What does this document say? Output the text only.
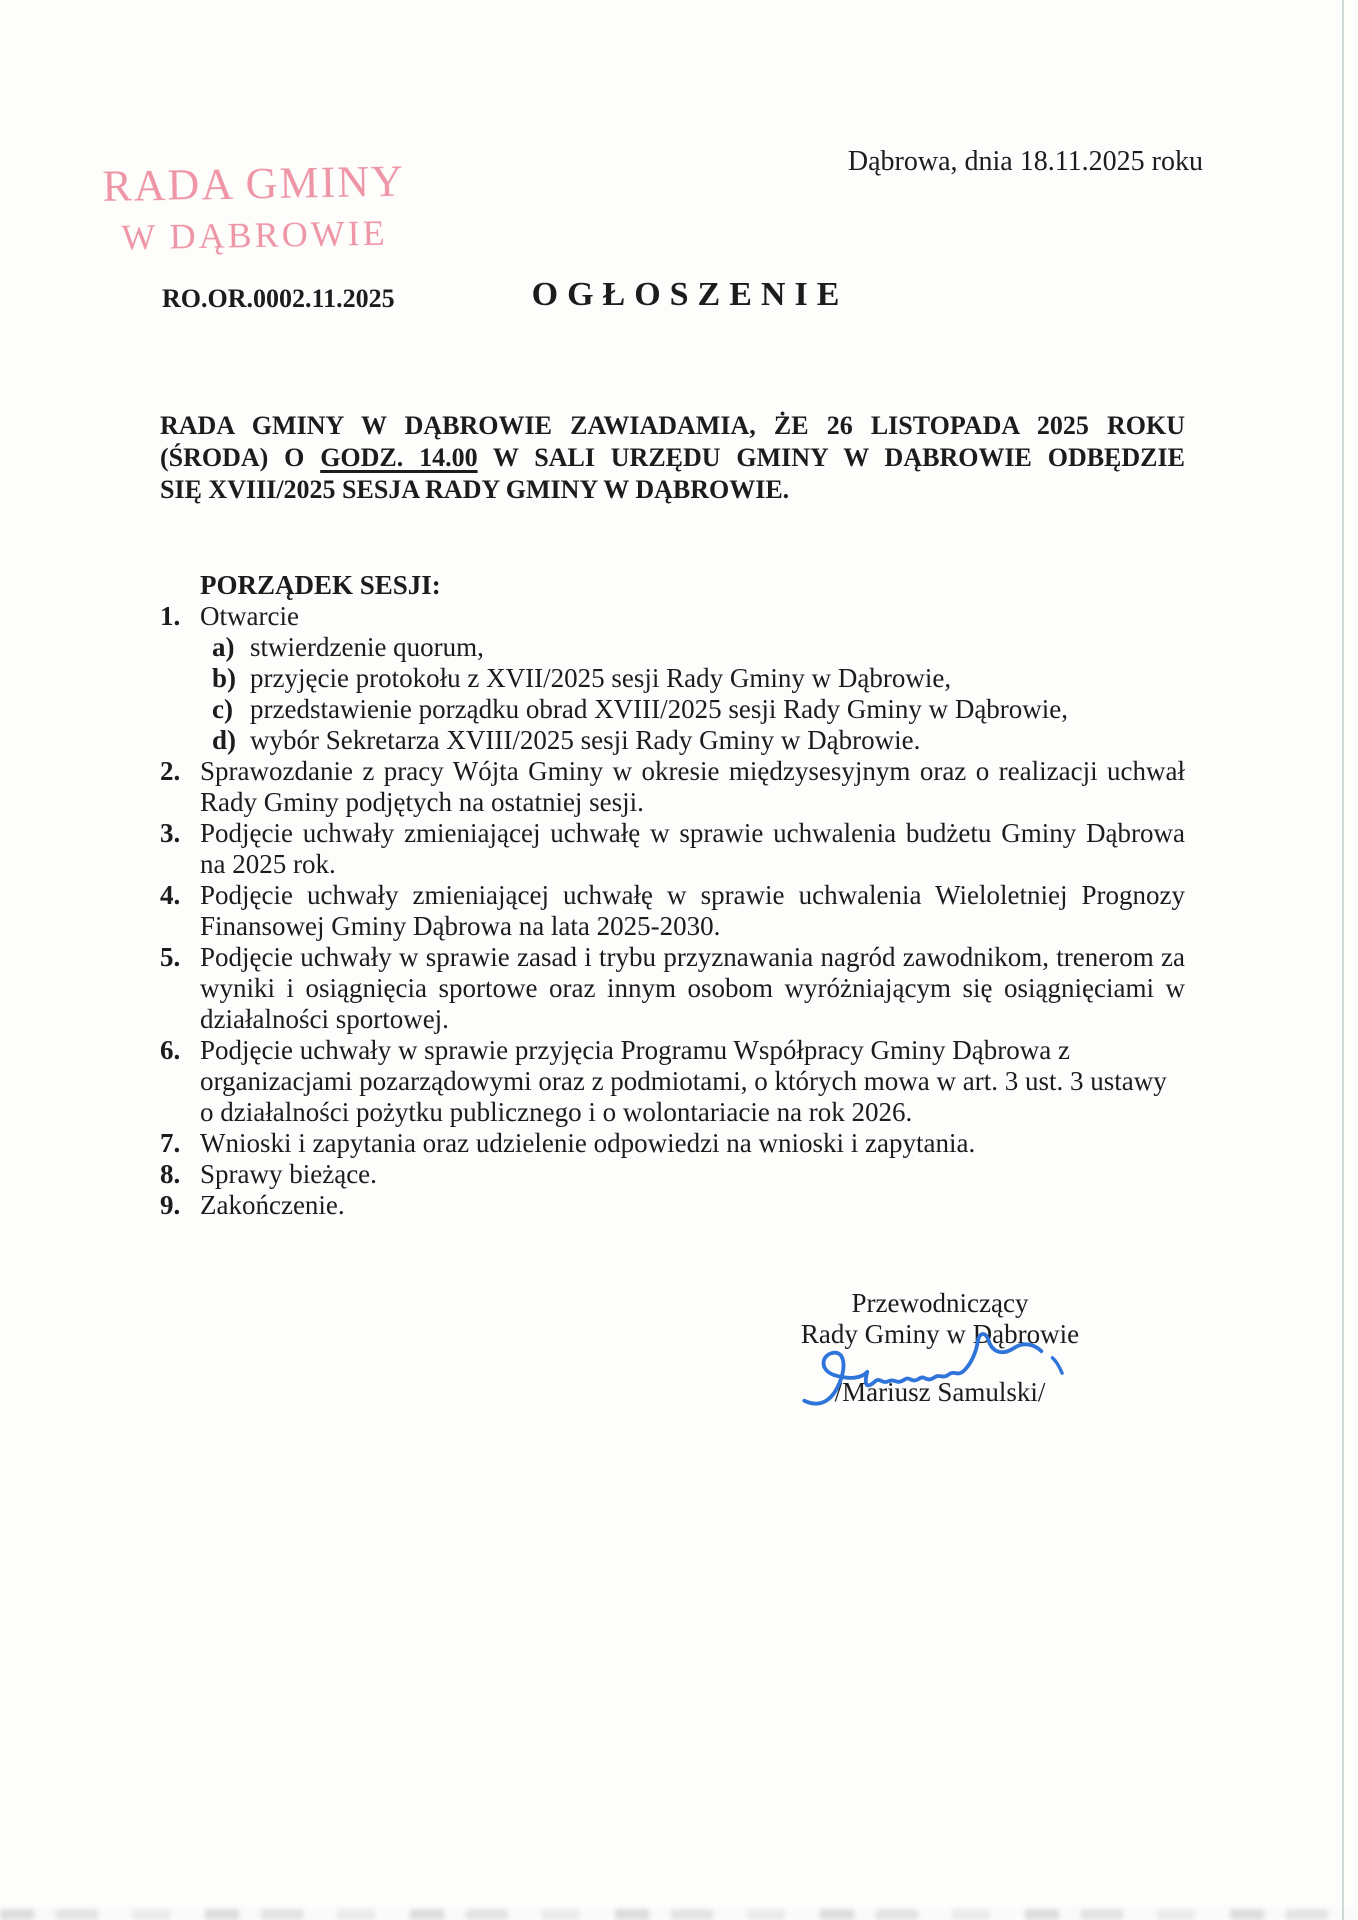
Dąbrowa, dnia 18.11.2025 roku
RADA GMINY
W DĄBROWIE
RO.OR.0002.11.2025	OGŁOSZENIE
RADA GMINY W DĄBROWIE ZAWIADAMIA, ŻE 26 LISTOPADA 2025 ROKU
(ŚRODA) O GODZ. 14.00 W SALI URZĘDU GMINY W DĄBROWIE ODBĘDZIE
SIĘ XVIII/2025 SESJA RADY GMINY W DĄBROWIE.
PORZĄDEK SESJI:
1. Otwarcie
a) stwierdzenie quorum,
b) przyjęcie protokołu z XVII/2025 sesji Rady Gminy w Dąbrowie,
c) przedstawienie porządku obrad XVIII/2025 sesji Rady Gminy w Dąbrowie,
d) wybór Sekretarza XVIII/2025 sesji Rady Gminy w Dąbrowie.
2. Sprawozdanie z pracy Wójta Gminy w okresie międzysesyjnym oraz o realizacji uchwał Rady Gminy podjętych na ostatniej sesji.
3. Podjęcie uchwały zmieniającej uchwałę w sprawie uchwalenia budżetu Gminy Dąbrowa na 2025 rok.
4. Podjęcie uchwały zmieniającej uchwałę w sprawie uchwalenia Wieloletniej Prognozy Finansowej Gminy Dąbrowa na lata 2025-2030.
5. Podjęcie uchwały w sprawie zasad i trybu przyznawania nagród zawodnikom, trenerom za wyniki i osiągnięcia sportowe oraz innym osobom wyróżniającym się osiągnięciami w działalności sportowej.
6. Podjęcie uchwały w sprawie przyjęcia Programu Współpracy Gminy Dąbrowa z organizacjami pozarządowymi oraz z podmiotami, o których mowa w art. 3 ust. 3 ustawy o działalności pożytku publicznego i o wolontariacie na rok 2026.
7. Wnioski i zapytania oraz udzielenie odpowiedzi na wnioski i zapytania.
8. Sprawy bieżące.
9. Zakończenie.
Przewodniczący
Rady Gminy w Dąbrowie
/Mariusz Samulski/
